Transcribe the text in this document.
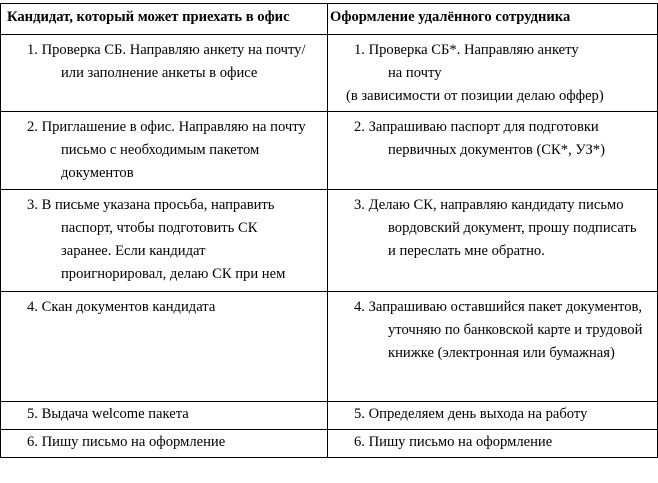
Кандидат, который может приехать в офис	Оформление удалённого сотрудника

1. Проверка СБ. Направляю анкету на почту/или заполнение анкеты в офисе	1. Проверка СБ*. Направляю анкету на почту

(в зависимости от позиции делаю оффер)

2. Приглашение в офис. Направляю на почту письмо с необходимым пакетом документов	2. Запрашиваю паспорт для подготовки первичных документов (СК*, УЗ*)

3. В письме указана просьба, направить паспорт, чтобы подготовить СК заранее. Если кандидат проигнорировал, делаю СК при нем	3. Делаю СК, направляю кандидату письмо вордовский документ, прошу подписать и переслать мне обратно.

4. Скан документов кандидата	4. Запрашиваю оставшийся пакет документов, уточняю по банковской карте и трудовой книжке (электронная или бумажная)

5. Выдача welcome пакета	5. Определяем день выхода на работу

6. Пишу письмо на оформление	6. Пишу письмо на оформление
